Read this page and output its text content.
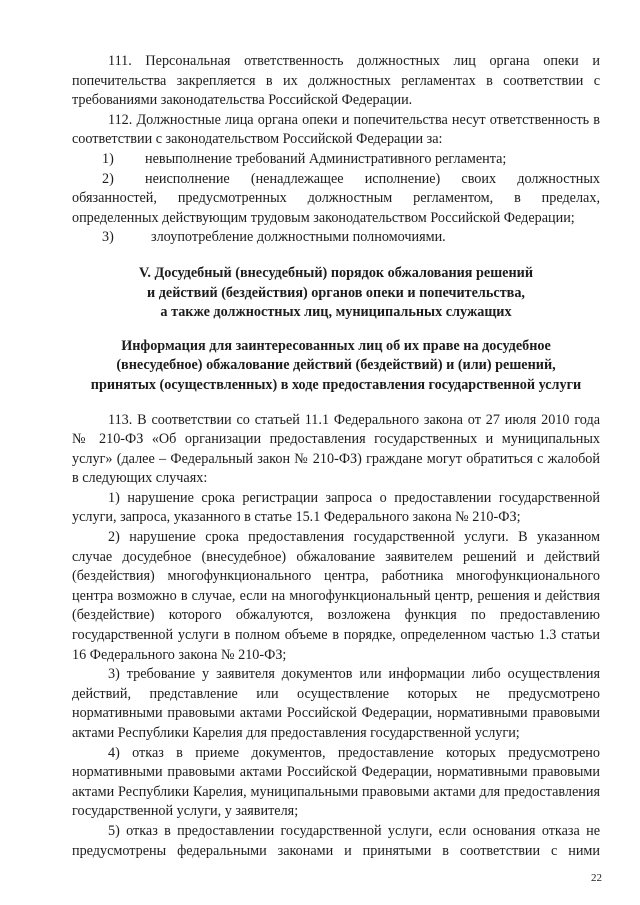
111. Персональная ответственность должностных лиц органа опеки и попечительства закрепляется в их должностных регламентах в соответствии с требованиями законодательства Российской Федерации.

112. Должностные лица органа опеки и попечительства несут ответственность в соответствии с законодательством Российской Федерации за:

1)	невыполнение требований Административного регламента;

2) неисполнение (ненадлежащее исполнение) своих должностных обязанностей, предусмотренных должностным регламентом, в пределах, определенных действующим трудовым законодательством Российской Федерации;

3)	злоупотребление должностными полномочиями.

V. Досудебный (внесудебный) порядок обжалования решений

и действий (бездействия) органов опеки и попечительства,

а также должностных лиц, муниципальных служащих

Информация для заинтересованных лиц об их праве на досудебное

(внесудебное) обжалование действий (бездействий) и (или) решений,

принятых (осуществленных) в ходе предоставления государственной услуги

113. В соответствии со статьей 11.1 Федерального закона от 27 июля 2010 года № 210-ФЗ «Об организации предоставления государственных и муниципальных услуг» (далее – Федеральный закон № 210-ФЗ) граждане могут обратиться с жалобой в следующих случаях:

1) нарушение срока регистрации запроса о предоставлении государственной услуги, запроса, указанного в статье 15.1 Федерального закона № 210-ФЗ;

2) нарушение срока предоставления государственной услуги. В указанном случае досудебное (внесудебное) обжалование заявителем решений и действий (бездействия) многофункционального центра, работника многофункционального центра возможно в случае, если на многофункциональный центр, решения и действия (бездействие) которого обжалуются, возложена функция по предоставлению государственной услуги в полном объеме в порядке, определенном частью 1.3 статьи 16 Федерального закона № 210-ФЗ;

3) требование у заявителя документов или информации либо осуществления действий, представление или осуществление которых не предусмотрено нормативными правовыми актами Российской Федерации, нормативными правовыми актами Республики Карелия для предоставления государственной услуги;

4) отказ в приеме документов, предоставление которых предусмотрено нормативными правовыми актами Российской Федерации, нормативными правовыми актами Республики Карелия, муниципальными правовыми актами для предоставления государственной услуги, у заявителя;

5) отказ в предоставлении государственной услуги, если основания отказа не предусмотрены федеральными законами и принятыми в соответствии с ними

22
